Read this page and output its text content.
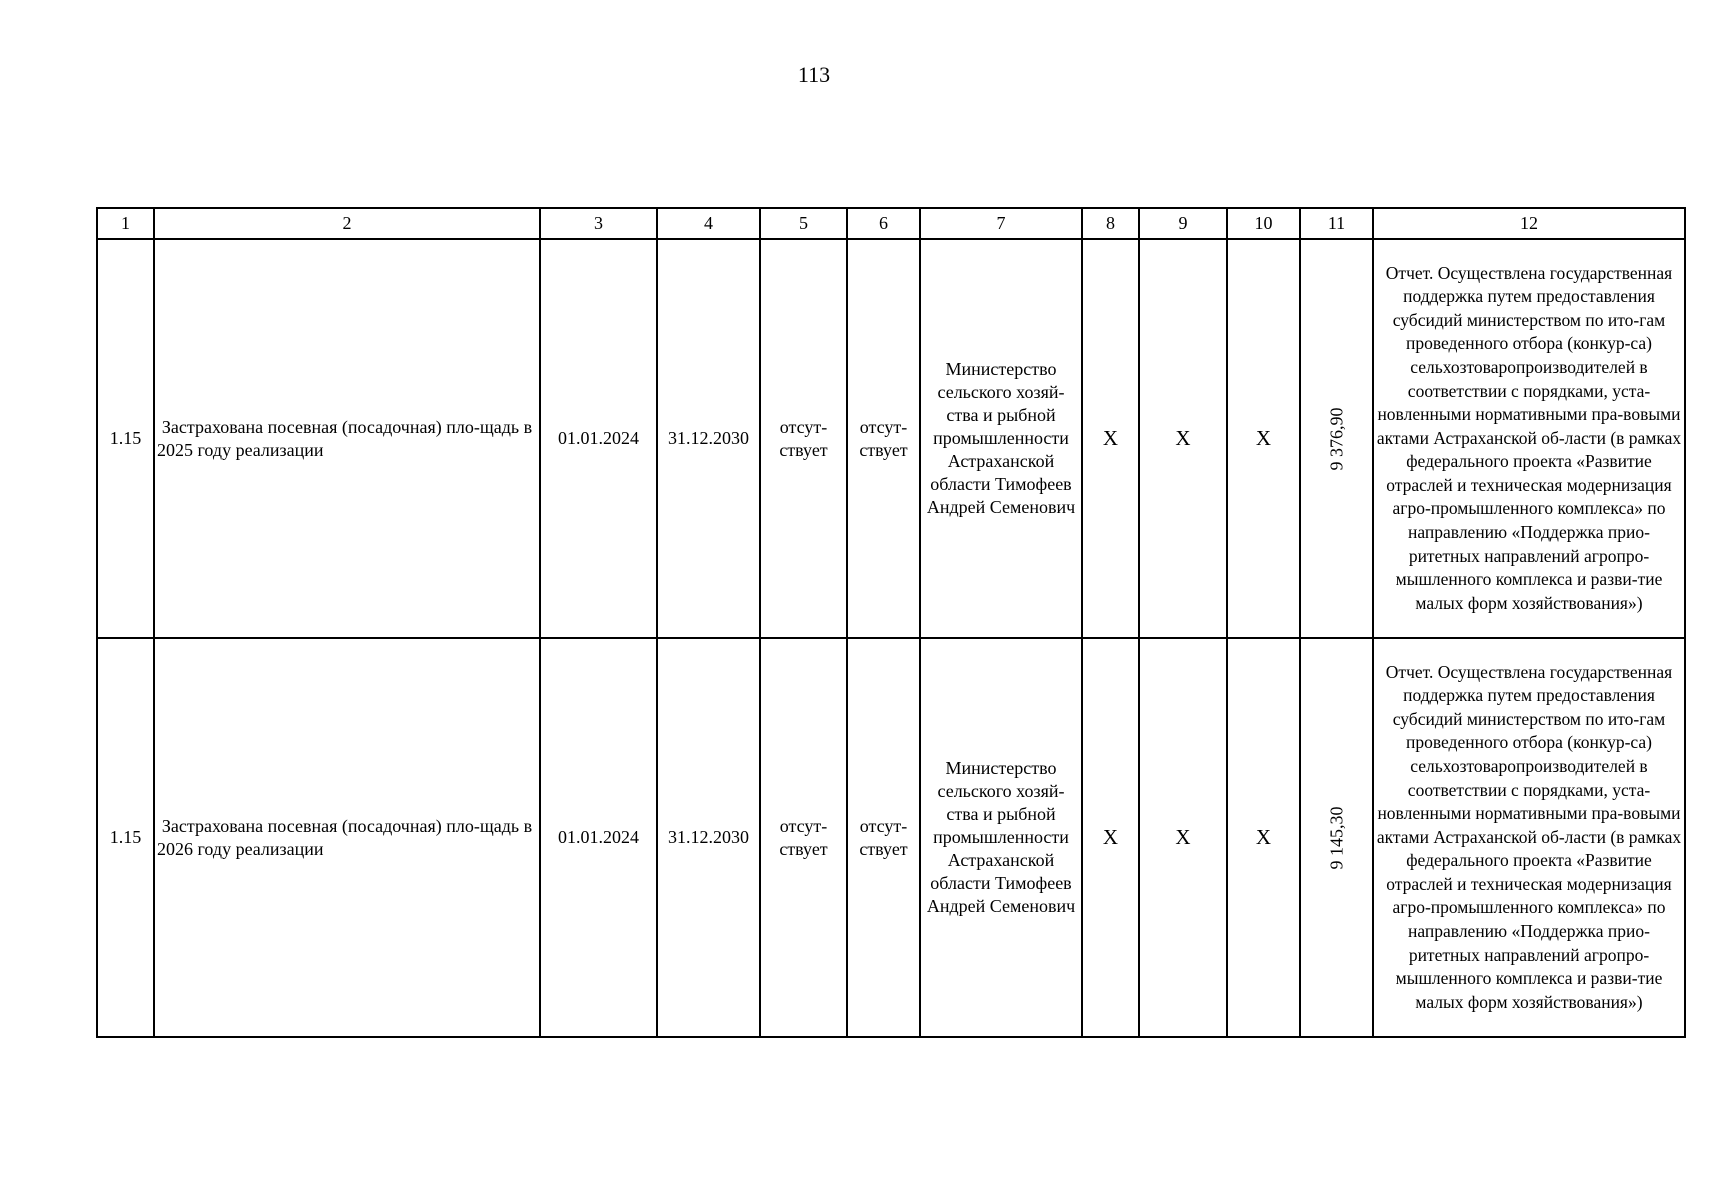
113
1	2	3	4	5	6	7	8	9	10	11	12
1.15	Застрахована посевная (посадочная) пло-щадь в 2025 году реализации	01.01.2024	31.12.2030	отсут-ствует	отсут-ствует	Министерство сельского хозяй-ства и рыбной промышленности Астраханской области Тимофеев Андрей Семенович	X	X	X	9 376,90	Отчет. Осуществлена государственная поддержка путем предоставления субсидий министерством по ито-гам проведенного отбора (конкур-са) сельхозтоваропроизводителей в соответствии с порядками, уста-новленными нормативными пра-вовыми актами Астраханской об-ласти (в рамках федерального проекта «Развитие отраслей и техническая модернизация агро-промышленного комплекса» по направлению «Поддержка прио-ритетных направлений агропро-мышленного комплекса и разви-тие малых форм хозяйствования»)
1.15	Застрахована посевная (посадочная) пло-щадь в 2026 году реализации	01.01.2024	31.12.2030	отсут-ствует	отсут-ствует	Министерство сельского хозяй-ства и рыбной промышленности Астраханской области Тимофеев Андрей Семенович	X	X	X	9 145,30	Отчет. Осуществлена государственная поддержка путем предоставления субсидий министерством по ито-гам проведенного отбора (конкур-са) сельхозтоваропроизводителей в соответствии с порядками, уста-новленными нормативными пра-вовыми актами Астраханской об-ласти (в рамках федерального проекта «Развитие отраслей и техническая модернизация агро-промышленного комплекса» по направлению «Поддержка прио-ритетных направлений агропро-мышленного комплекса и разви-тие малых форм хозяйствования»)
